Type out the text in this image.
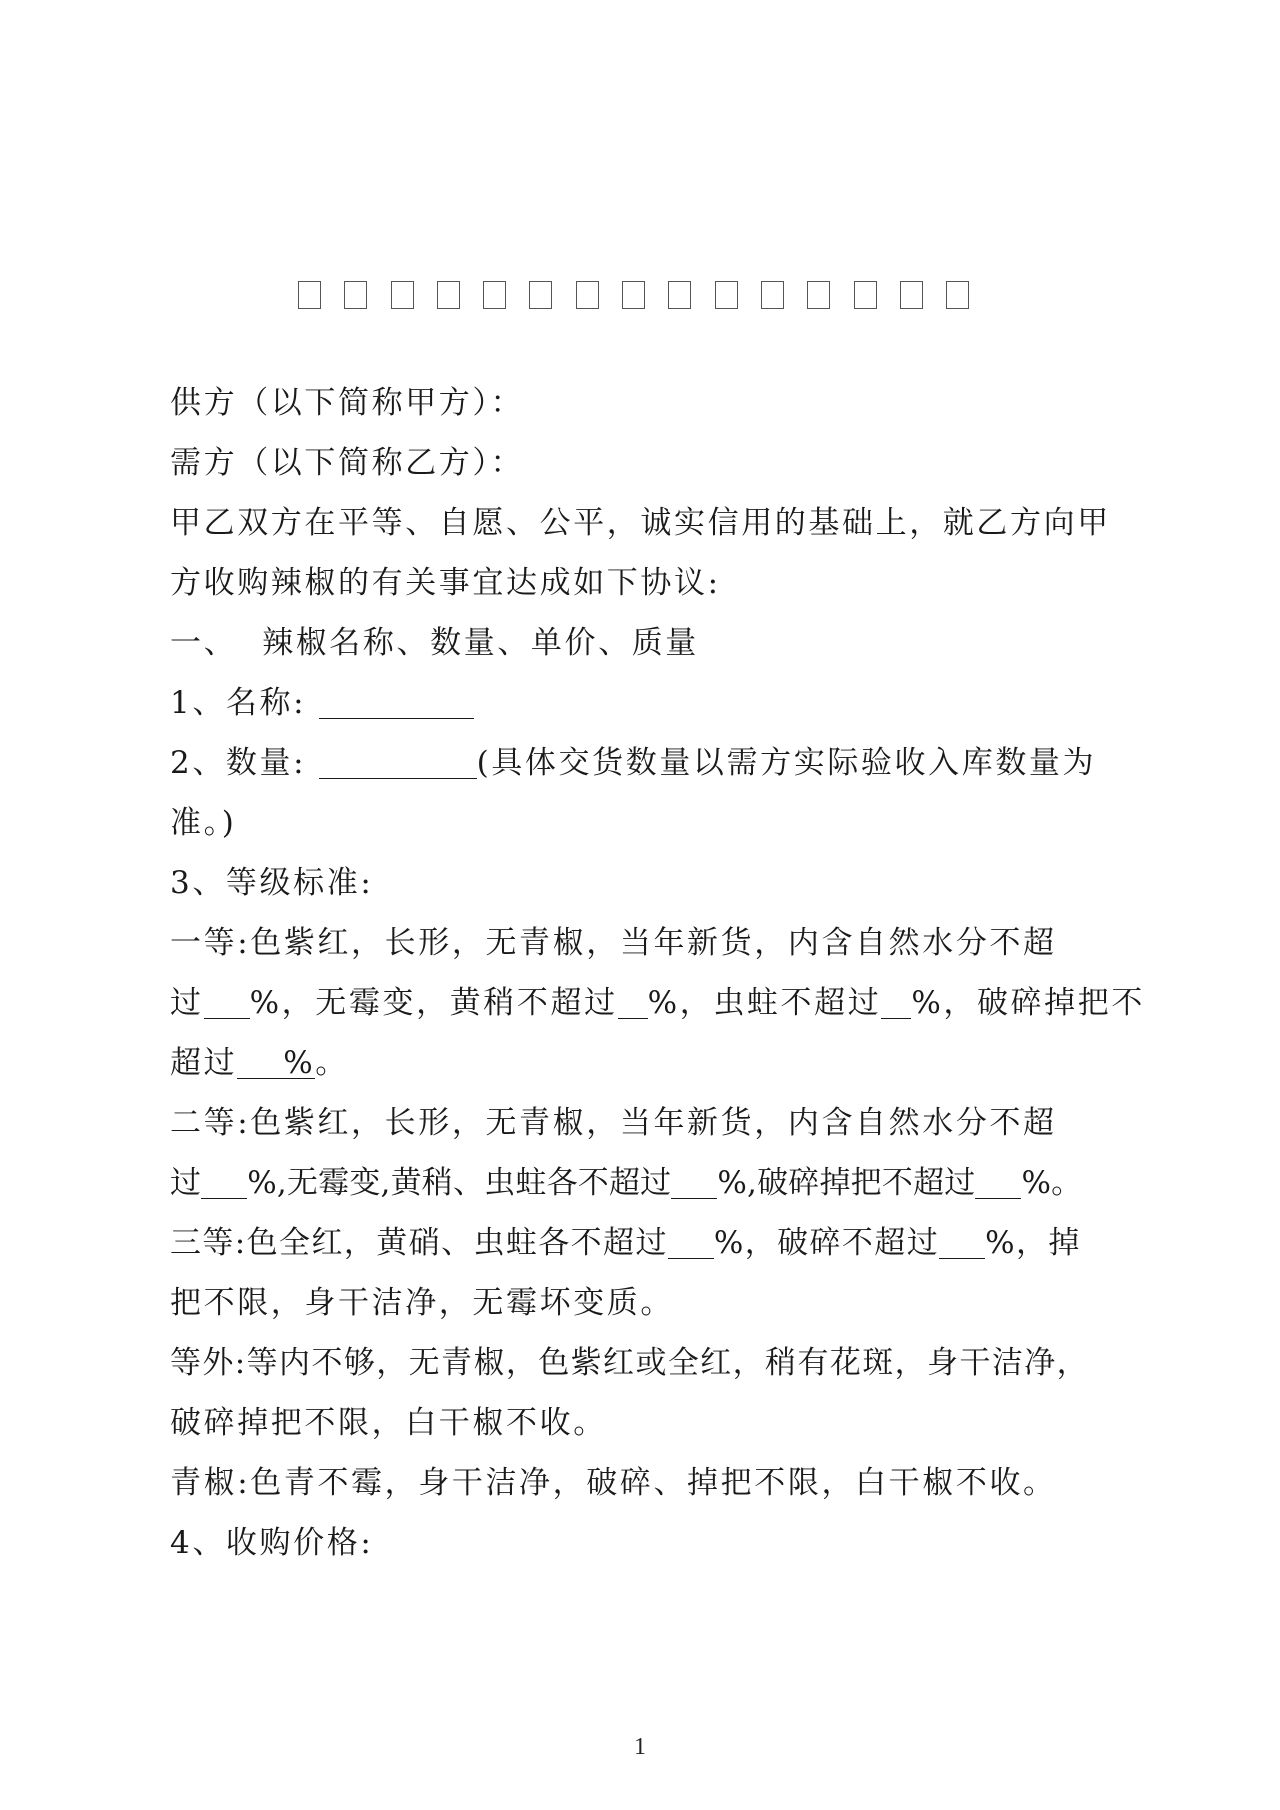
供方（以下简称甲方）：
需方（以下简称乙方）：
甲乙双方在平等、自愿、公平，诚实信用的基础上，就乙方向甲
方收购辣椒的有关事宜达成如下协议:
一、  辣椒名称、数量、单价、质量
1、名称:
2、数量:	(具体交货数量以需方实际验收入库数量为
准。)
3、等级标准:
一等:色紫红，长形，无青椒，当年新货，内含自然水分不超
过 %，无霉变，黄稍不超过 %，虫蛀不超过 %，破碎掉把不
超过 %。
二等:色紫红，长形，无青椒，当年新货，内含自然水分不超
过 %,无霉变,黄稍、虫蛀各不超过 %,破碎掉把不超过 %。
三等:色全红，黄硝、虫蛀各不超过 %，破碎不超过 %，掉
把不限，身干洁净，无霉坏变质。
等外:等内不够，无青椒，色紫红或全红，稍有花斑，身干洁净，
破碎掉把不限，白干椒不收。
青椒:色青不霉，身干洁净，破碎、掉把不限，白干椒不收。
4、收购价格:
1
